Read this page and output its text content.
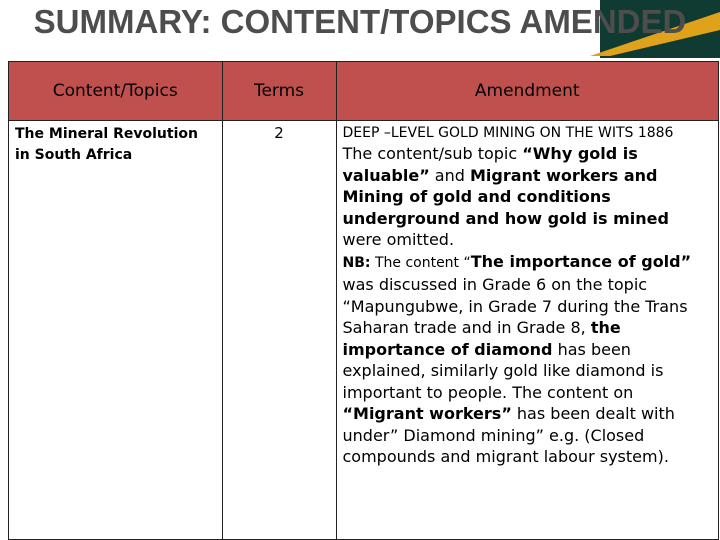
SUMMARY: CONTENT/TOPICS AMENDED
Content/Topics	Terms	Amendment
The Mineral Revolution in South Africa	2	DEEP –LEVEL GOLD MINING ON THE WITS 1886
The content/sub topic “Why gold is valuable” and Migrant workers and Mining of gold and conditions underground and how gold is mined were omitted.
NB: The content “The importance of gold” was discussed in Grade 6 on the topic “Mapungubwe, in Grade 7 during the Trans Saharan trade and in Grade 8, the importance of diamond has been explained, similarly gold like diamond is important to people. The content on “Migrant workers” has been dealt with under” Diamond mining” e.g. (Closed compounds and migrant labour system).
